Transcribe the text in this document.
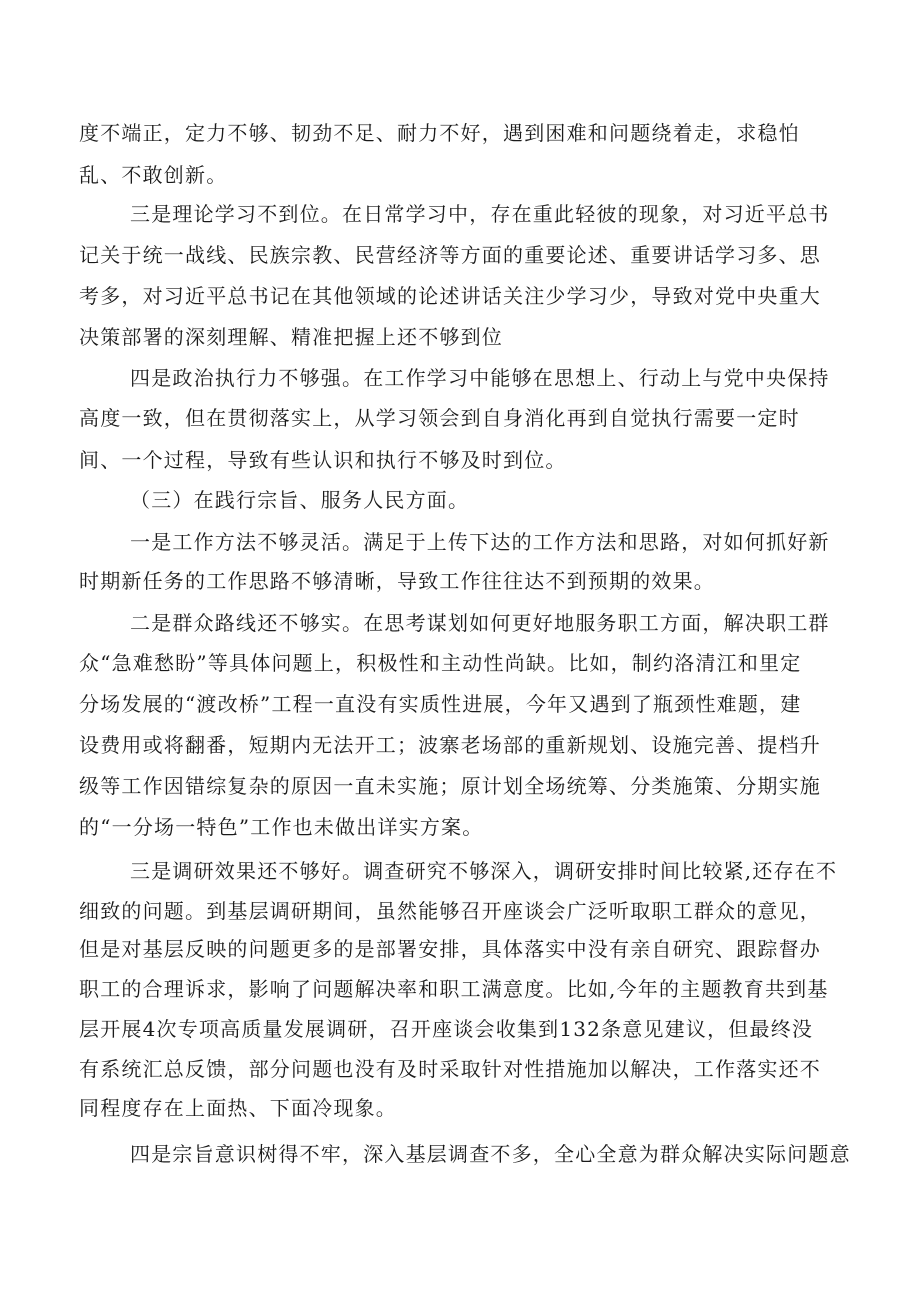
度不端正，定力不够、韧劲不足、耐力不好，遇到困难和问题绕着走，求稳怕

乱、不敢创新。

三是理论学习不到位。在日常学习中，存在重此轻彼的现象，对习近平总书

记关于统一战线、民族宗教、民营经济等方面的重要论述、重要讲话学习多、思

考多，对习近平总书记在其他领域的论述讲话关注少学习少，导致对党中央重大

决策部署的深刻理解、精准把握上还不够到位

四是政治执行力不够强。在工作学习中能够在思想上、行动上与党中央保持

高度一致，但在贯彻落实上，从学习领会到自身消化再到自觉执行需要一定时

间、一个过程，导致有些认识和执行不够及时到位。

（三）在践行宗旨、服务人民方面。

一是工作方法不够灵活。满足于上传下达的工作方法和思路，对如何抓好新

时期新任务的工作思路不够清晰，导致工作往往达不到预期的效果。

二是群众路线还不够实。在思考谋划如何更好地服务职工方面，解决职工群

众“急难愁盼”等具体问题上，积极性和主动性尚缺。比如，制约洛清江和里定

分场发展的“渡改桥”工程一直没有实质性进展，今年又遇到了瓶颈性难题，建

设费用或将翻番，短期内无法开工；波寨老场部的重新规划、设施完善、提档升

级等工作因错综复杂的原因一直未实施；原计划全场统筹、分类施策、分期实施

的“一分场一特色”工作也未做出详实方案。

三是调研效果还不够好。调查研究不够深入，调研安排时间比较紧,还存在不

细致的问题。到基层调研期间，虽然能够召开座谈会广泛听取职工群众的意见，

但是对基层反映的问题更多的是部署安排，具体落实中没有亲自研究、跟踪督办

职工的合理诉求，影响了问题解决率和职工满意度。比如,今年的主题教育共到基

层开展4次专项高质量发展调研，召开座谈会收集到132条意见建议，但最终没

有系统汇总反馈，部分问题也没有及时采取针对性措施加以解决，工作落实还不

同程度存在上面热、下面冷现象。

四是宗旨意识树得不牢，深入基层调查不多，全心全意为群众解决实际问题意
